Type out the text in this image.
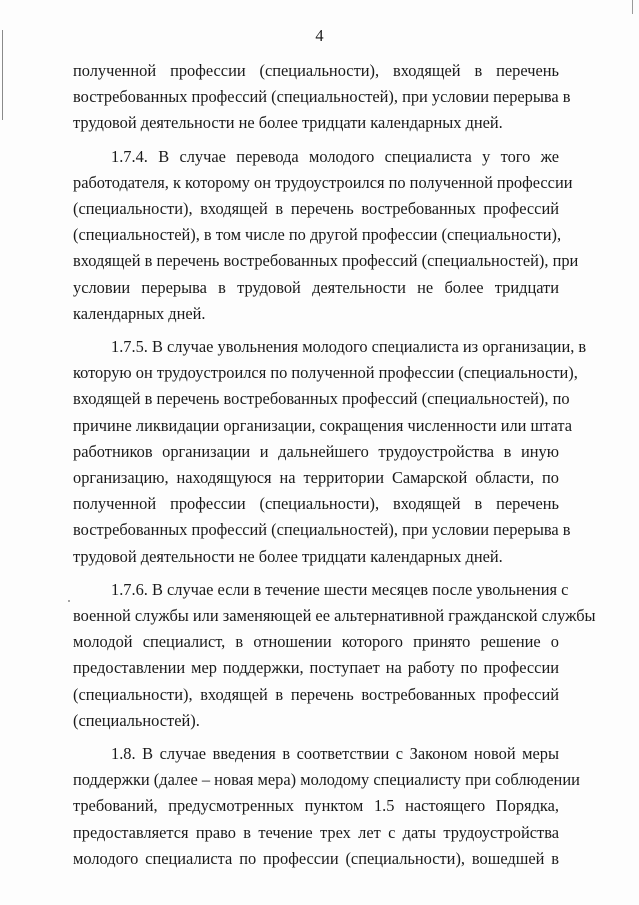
4
полученной профессии (специальности), входящей в перечень
востребованных профессий (специальностей), при условии перерыва в
трудовой деятельности не более тридцати календарных дней.
1.7.4. В случае перевода молодого специалиста у того же
работодателя, к которому он трудоустроился по полученной профессии
(специальности), входящей в перечень востребованных профессий
(специальностей), в том числе по другой профессии (специальности),
входящей в перечень востребованных профессий (специальностей), при
условии перерыва в трудовой деятельности не более тридцати
календарных дней.
1.7.5. В случае увольнения молодого специалиста из организации, в
которую он трудоустроился по полученной профессии (специальности),
входящей в перечень востребованных профессий (специальностей), по
причине ликвидации организации, сокращения численности или штата
работников организации и дальнейшего трудоустройства в иную
организацию, находящуюся на территории Самарской области, по
полученной профессии (специальности), входящей в перечень
востребованных профессий (специальностей), при условии перерыва в
трудовой деятельности не более тридцати календарных дней.
1.7.6. В случае если в течение шести месяцев после увольнения с
военной службы или заменяющей ее альтернативной гражданской службы
молодой специалист, в отношении которого принято решение о
предоставлении мер поддержки, поступает на работу по профессии
(специальности), входящей в перечень востребованных профессий
(специальностей).
1.8. В случае введения в соответствии с Законом новой меры
поддержки (далее – новая мера) молодому специалисту при соблюдении
требований, предусмотренных пунктом 1.5 настоящего Порядка,
предоставляется право в течение трех лет с даты трудоустройства
молодого специалиста по профессии (специальности), вошедшей в
